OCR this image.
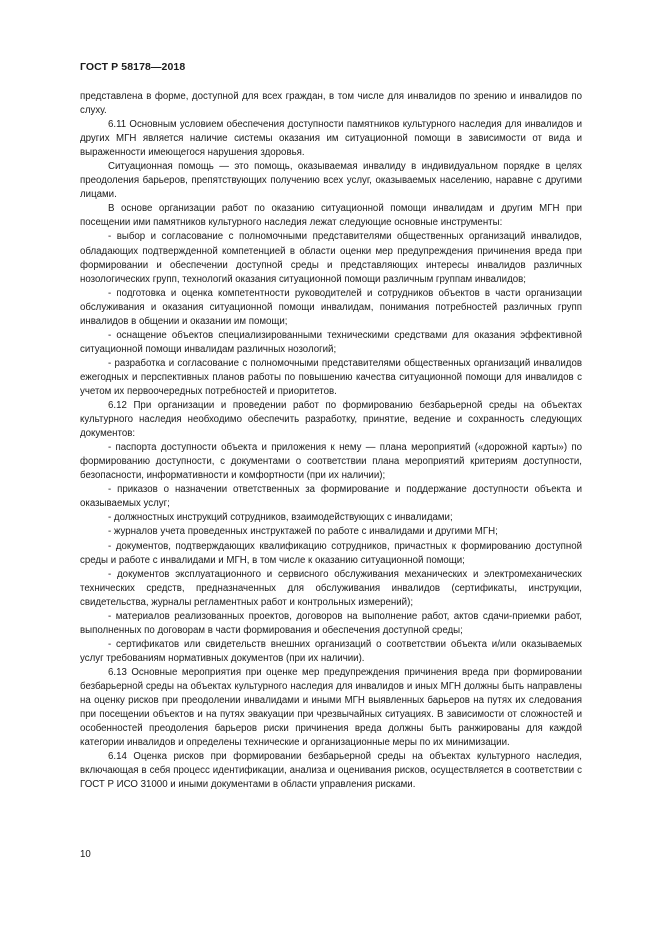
ГОСТ Р 58178—2018

представлена в форме, доступной для всех граждан, в том числе для инвалидов по зрению и инвалидов по слуху.

6.11 Основным условием обеспечения доступности памятников культурного наследия для инвалидов и других МГН является наличие системы оказания им ситуационной помощи в зависимости от вида и выраженности имеющегося нарушения здоровья.

Ситуационная помощь — это помощь, оказываемая инвалиду в индивидуальном порядке в целях преодоления барьеров, препятствующих получению всех услуг, оказываемых населению, наравне с другими лицами.

В основе организации работ по оказанию ситуационной помощи инвалидам и другим МГН при посещении ими памятников культурного наследия лежат следующие основные инструменты:

- выбор и согласование с полномочными представителями общественных организаций инвалидов, обладающих подтвержденной компетенцией в области оценки мер предупреждения причинения вреда при формировании и обеспечении доступной среды и представляющих интересы инвалидов различных нозологических групп, технологий оказания ситуационной помощи различным группам инвалидов;

- подготовка и оценка компетентности руководителей и сотрудников объектов в части организации обслуживания и оказания ситуационной помощи инвалидам, понимания потребностей различных групп инвалидов в общении и оказании им помощи;

- оснащение объектов специализированными техническими средствами для оказания эффективной ситуационной помощи инвалидам различных нозологий;

- разработка и согласование с полномочными представителями общественных организаций инвалидов ежегодных и перспективных планов работы по повышению качества ситуационной помощи для инвалидов с учетом их первоочередных потребностей и приоритетов.

6.12 При организации и проведении работ по формированию безбарьерной среды на объектах культурного наследия необходимо обеспечить разработку, принятие, ведение и сохранность следующих документов:

- паспорта доступности объекта и приложения к нему — плана мероприятий («дорожной карты») по формированию доступности, с документами о соответствии плана мероприятий критериям доступности, безопасности, информативности и комфортности (при их наличии);

- приказов о назначении ответственных за формирование и поддержание доступности объекта и оказываемых услуг;

- должностных инструкций сотрудников, взаимодействующих с инвалидами;

- журналов учета проведенных инструктажей по работе с инвалидами и другими МГН;

- документов, подтверждающих квалификацию сотрудников, причастных к формированию доступной среды и работе с инвалидами и МГН, в том числе к оказанию ситуационной помощи;

- документов эксплуатационного и сервисного обслуживания механических и электромеханических технических средств, предназначенных для обслуживания инвалидов (сертификаты, инструкции, свидетельства, журналы регламентных работ и контрольных измерений);

- материалов реализованных проектов, договоров на выполнение работ, актов сдачи-приемки работ, выполненных по договорам в части формирования и обеспечения доступной среды;

- сертификатов или свидетельств внешних организаций о соответствии объекта и/или оказываемых услуг требованиям нормативных документов (при их наличии).

6.13 Основные мероприятия при оценке мер предупреждения причинения вреда при формировании безбарьерной среды на объектах культурного наследия для инвалидов и иных МГН должны быть направлены на оценку рисков при преодолении инвалидами и иными МГН выявленных барьеров на путях их следования при посещении объектов и на путях эвакуации при чрезвычайных ситуациях. В зависимости от сложностей и особенностей преодоления барьеров риски причинения вреда должны быть ранжированы для каждой категории инвалидов и определены технические и организационные меры по их минимизации.

6.14 Оценка рисков при формировании безбарьерной среды на объектах культурного наследия, включающая в себя процесс идентификации, анализа и оценивания рисков, осуществляется в соответствии с ГОСТ Р ИСО 31000 и иными документами в области управления рисками.

10
